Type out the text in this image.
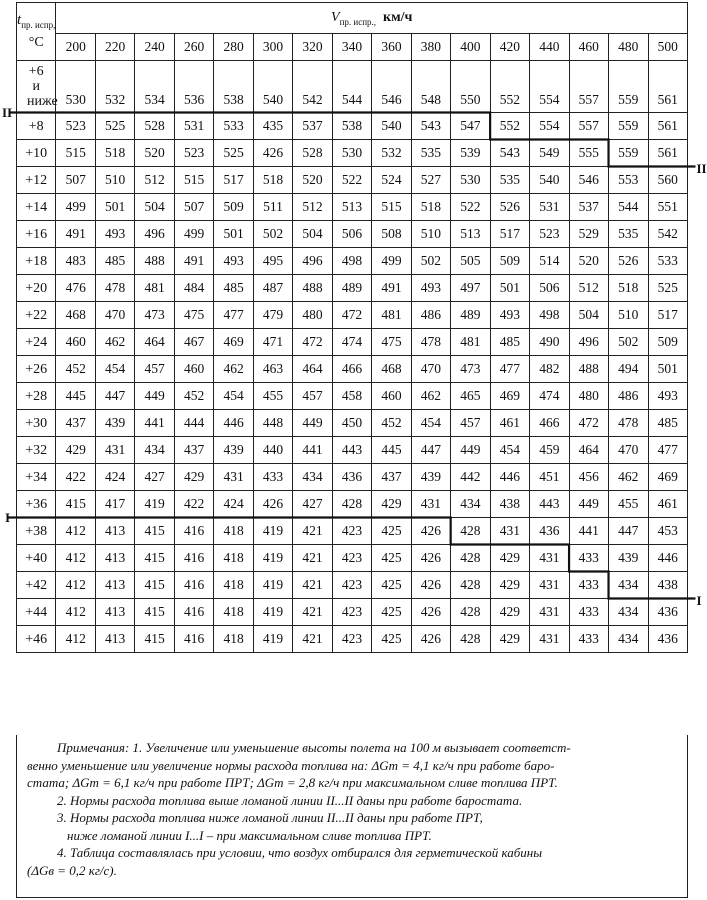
$t_{пр. испр,}$
°C	$V_{пр. испр.,}$ км/ч															
	200	220	240	260	280	300	320	340	360	380	400	420	440	460	480	500
+6 и ниже	530	532	534	536	538	540	542	544	546	548	550	552	554	557	559	561
+8	523	525	528	531	533	435	537	538	540	543	547	552	554	557	559	561
+10	515	518	520	523	525	426	528	530	532	535	539	543	549	555	559	561
+12	507	510	512	515	517	518	520	522	524	527	530	535	540	546	553	560
+14	499	501	504	507	509	511	512	513	515	518	522	526	531	537	544	551
+16	491	493	496	499	501	502	504	506	508	510	513	517	523	529	535	542
+18	483	485	488	491	493	495	496	498	499	502	505	509	514	520	526	533
+20	476	478	481	484	485	487	488	489	491	493	497	501	506	512	518	525
+22	468	470	473	475	477	479	480	472	481	486	489	493	498	504	510	517
+24	460	462	464	467	469	471	472	474	475	478	481	485	490	496	502	509
+26	452	454	457	460	462	463	464	466	468	470	473	477	482	488	494	501
+28	445	447	449	452	454	455	457	458	460	462	465	469	474	480	486	493
+30	437	439	441	444	446	448	449	450	452	454	457	461	466	472	478	485
+32	429	431	434	437	439	440	441	443	445	447	449	454	459	464	470	477
+34	422	424	427	429	431	433	434	436	437	439	442	446	451	456	462	469
+36	415	417	419	422	424	426	427	428	429	431	434	438	443	449	455	461
+38	412	413	415	416	418	419	421	423	425	426	428	431	436	441	447	453
+40	412	413	415	416	418	419	421	423	425	426	428	429	431	433	439	446
+42	412	413	415	416	418	419	421	423	425	426	428	429	431	433	434	438
+44	412	413	415	416	418	419	421	423	425	426	428	429	431	433	434	436
+46	412	413	415	416	418	419	421	423	425	426	428	429	431	433	434	436

Примечания: 1. Увеличение или уменьшение высоты полета на 100 м вызывает соответст-

венно уменьшение или увеличение нормы расхода топлива на: ΔGт = 4,1 кг/ч при работе баро-

стата; ΔGт = 6,1 кг/ч при работе ПРТ; ΔGт = 2,8 кг/ч при максимальном сливе топлива ПРТ.

2. Нормы расхода топлива выше ломаной линии II...II даны при работе бaростата.

3. Нормы расхода топлива ниже ломаной линии II...II даны при работе ПРТ,

ниже ломаной линии I...I – при максимальном сливе топлива ПРТ.

4. Таблица составлялась при условии, что воздух отбирался для герметической кабины

(ΔGв = 0,2 кг/с).

II
II
I
I
